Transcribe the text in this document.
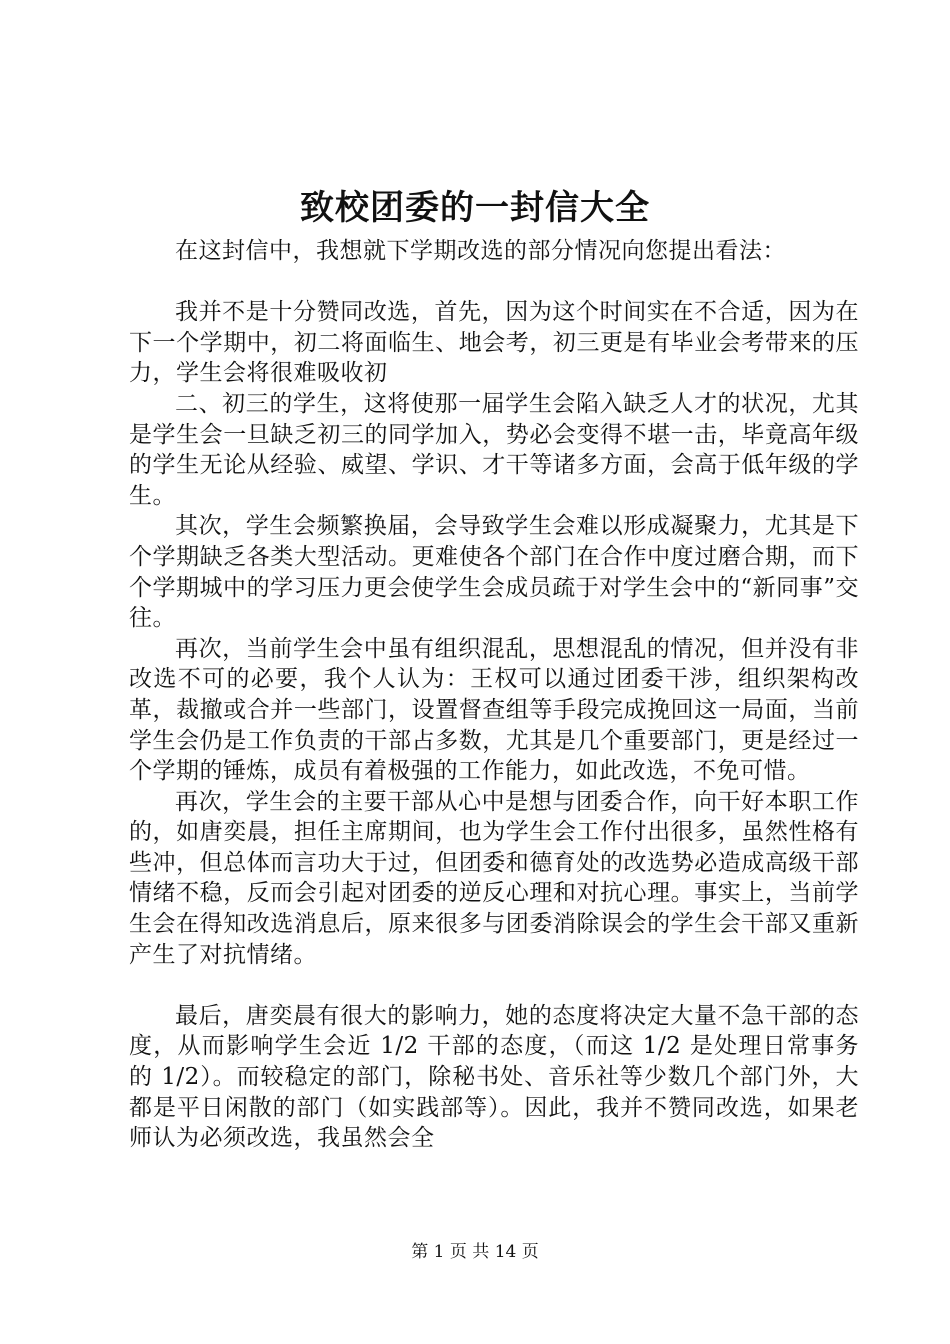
致校团委的一封信大全

在这封信中，我想就下学期改选的部分情况向您提出看法：

我并不是十分赞同改选，首先，因为这个时间实在不合适，因为在下一个学期中，初二将面临生、地会考，初三更是有毕业会考带来的压力，学生会将很难吸收初

二、初三的学生，这将使那一届学生会陷入缺乏人才的状况，尤其是学生会一旦缺乏初三的同学加入，势必会变得不堪一击，毕竟高年级的学生无论从经验、威望、学识、才干等诸多方面，会高于低年级的学生。

其次，学生会频繁换届，会导致学生会难以形成凝聚力，尤其是下个学期缺乏各类大型活动。更难使各个部门在合作中度过磨合期，而下个学期城中的学习压力更会使学生会成员疏于对学生会中的“新同事”交往。

再次，当前学生会中虽有组织混乱，思想混乱的情况，但并没有非改选不可的必要，我个人认为：王权可以通过团委干涉，组织架构改革，裁撤或合并一些部门，设置督查组等手段完成挽回这一局面，当前学生会仍是工作负责的干部占多数，尤其是几个重要部门，更是经过一个学期的锤炼，成员有着极强的工作能力，如此改选，不免可惜。

再次，学生会的主要干部从心中是想与团委合作，向干好本职工作的，如唐奕晨，担任主席期间，也为学生会工作付出很多，虽然性格有些冲，但总体而言功大于过，但团委和德育处的改选势必造成高级干部情绪不稳，反而会引起对团委的逆反心理和对抗心理。事实上，当前学生会在得知改选消息后，原来很多与团委消除误会的学生会干部又重新产生了对抗情绪。

最后，唐奕晨有很大的影响力，她的态度将决定大量不急干部的态度，从而影响学生会近 1/2 干部的态度，（而这 1/2 是处理日常事务的 1/2）。而较稳定的部门，除秘书处、音乐社等少数几个部门外，大都是平日闲散的部门（如实践部等）。因此，我并不赞同改选，如果老师认为必须改选，我虽然会全

第 1 页 共 14 页
